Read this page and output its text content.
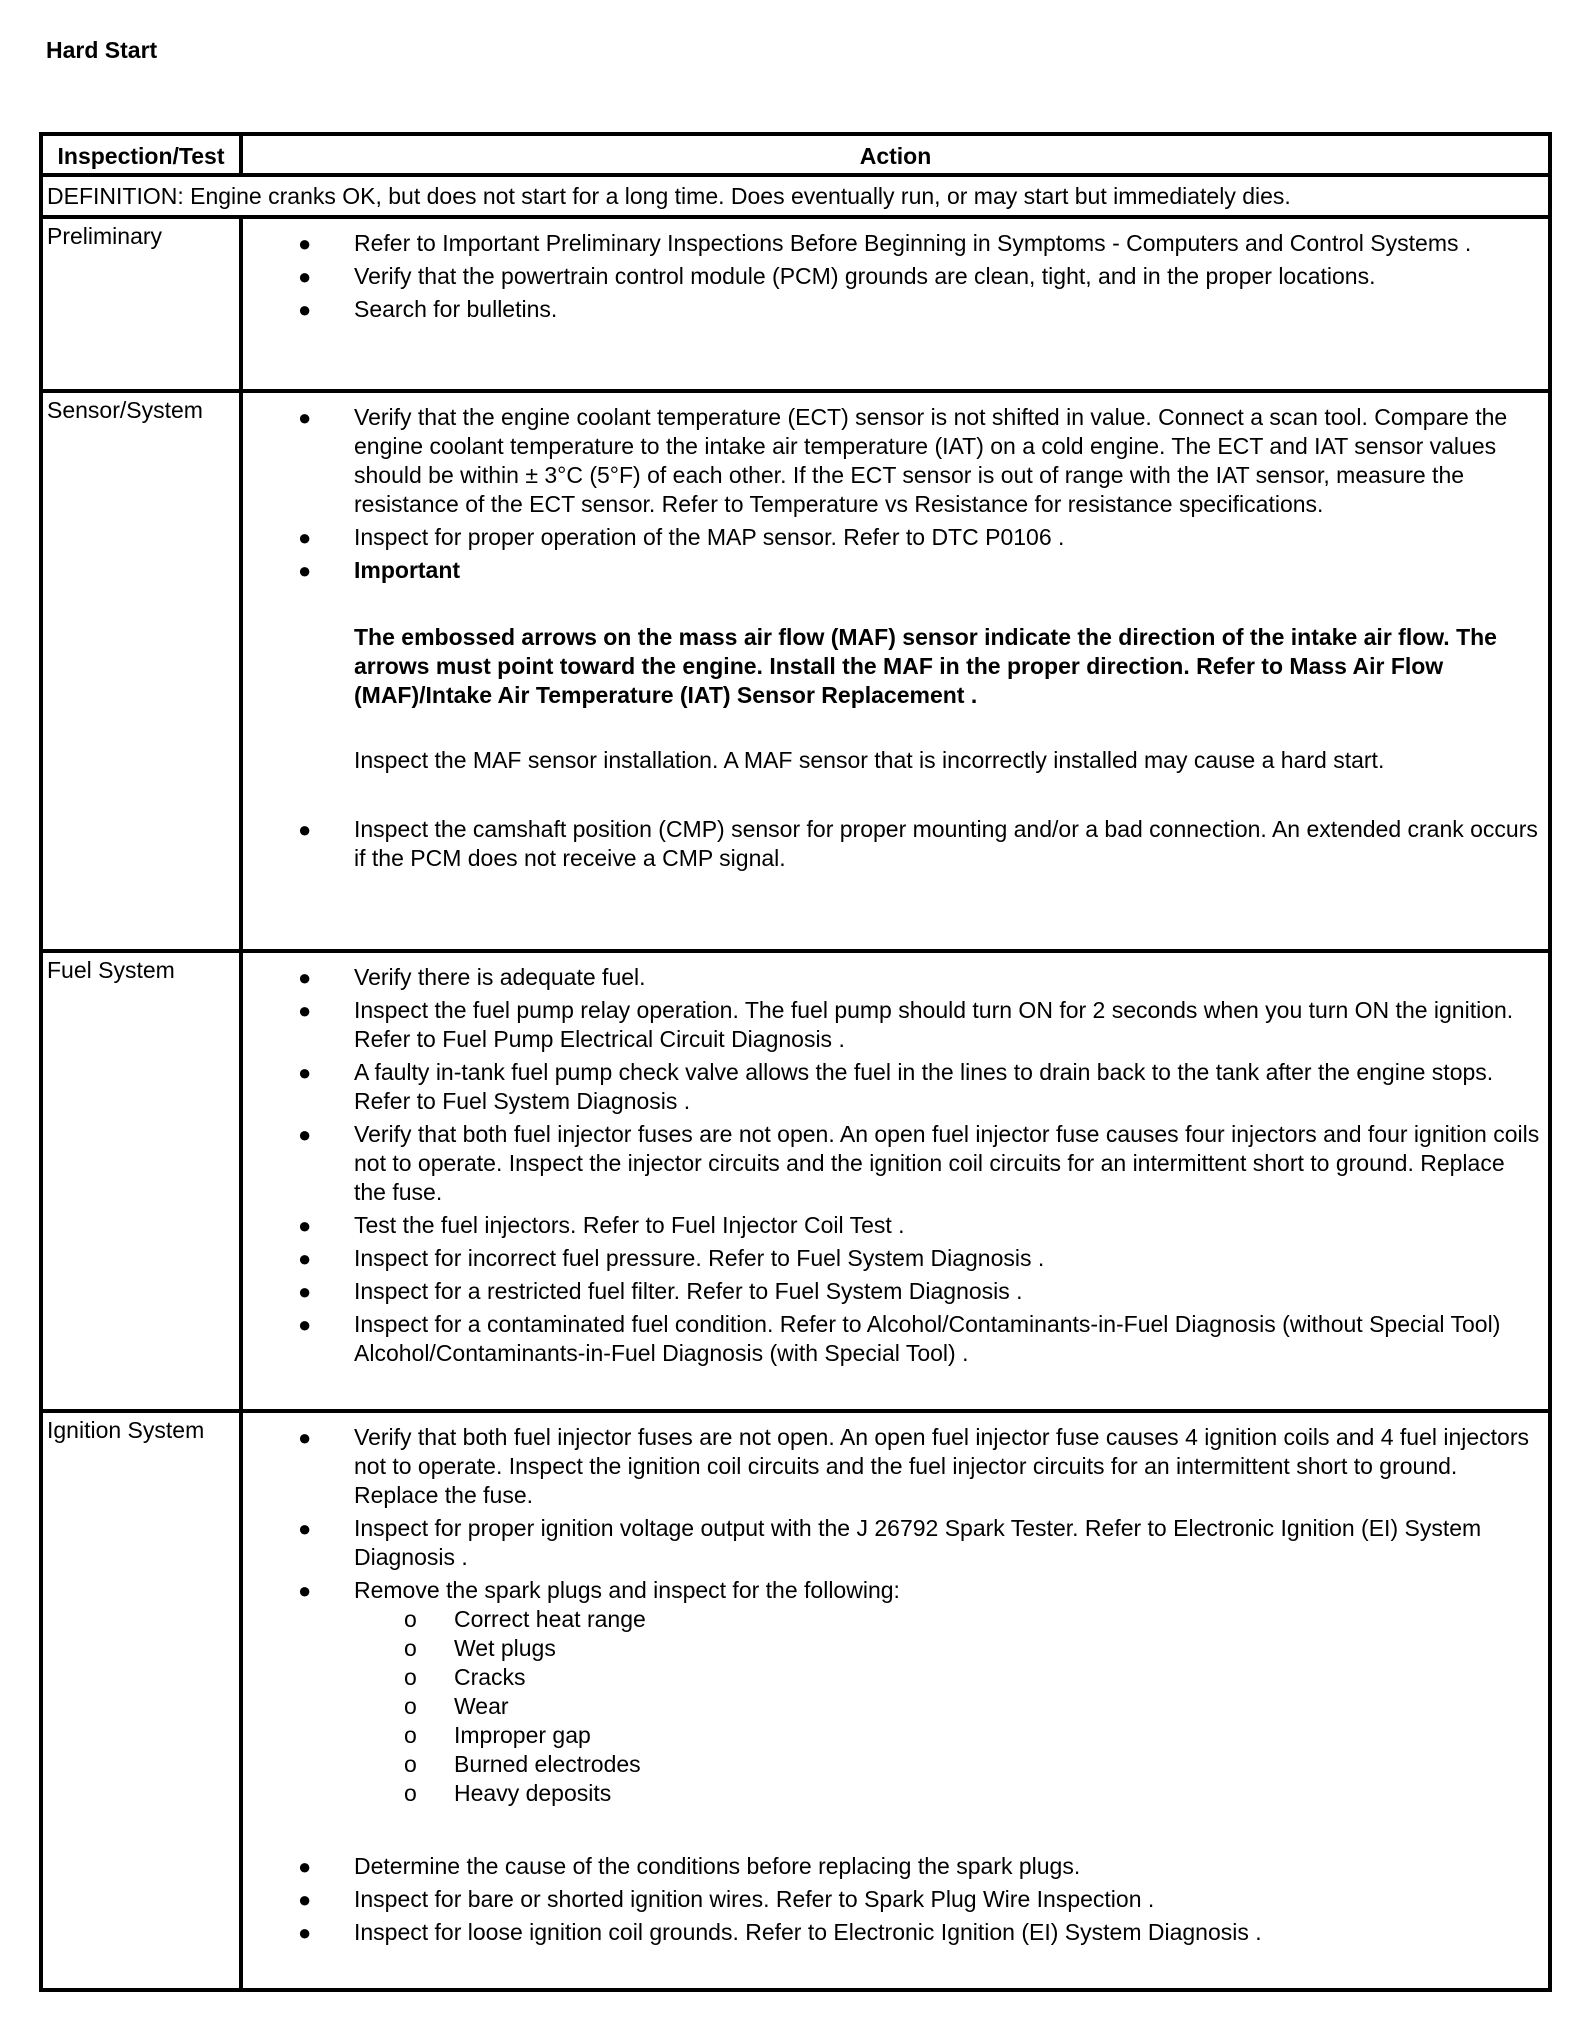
Hard Start
Inspection/Test	Action
DEFINITION: Engine cranks OK, but does not start for a long time. Does eventually run, or may start but immediately dies.
Preliminary	● Refer to Important Preliminary Inspections Before Beginning in Symptoms - Computers and Control Systems .
● Verify that the powertrain control module (PCM) grounds are clean, tight, and in the proper locations.
● Search for bulletins.
Sensor/System	● Verify that the engine coolant temperature (ECT) sensor is not shifted in value. Connect a scan tool. Compare the engine coolant temperature to the intake air temperature (IAT) on a cold engine. The ECT and IAT sensor values should be within ± 3°C (5°F) of each other. If the ECT sensor is out of range with the IAT sensor, measure the resistance of the ECT sensor. Refer to Temperature vs Resistance for resistance specifications.
● Inspect for proper operation of the MAP sensor. Refer to DTC P0106 .
● Important
The embossed arrows on the mass air flow (MAF) sensor indicate the direction of the intake air flow. The arrows must point toward the engine. Install the MAF in the proper direction. Refer to Mass Air Flow (MAF)/Intake Air Temperature (IAT) Sensor Replacement .
Inspect the MAF sensor installation. A MAF sensor that is incorrectly installed may cause a hard start.
● Inspect the camshaft position (CMP) sensor for proper mounting and/or a bad connection. An extended crank occurs if the PCM does not receive a CMP signal.
Fuel System	● Verify there is adequate fuel.
● Inspect the fuel pump relay operation. The fuel pump should turn ON for 2 seconds when you turn ON the ignition. Refer to Fuel Pump Electrical Circuit Diagnosis .
● A faulty in-tank fuel pump check valve allows the fuel in the lines to drain back to the tank after the engine stops. Refer to Fuel System Diagnosis .
● Verify that both fuel injector fuses are not open. An open fuel injector fuse causes four injectors and four ignition coils not to operate. Inspect the injector circuits and the ignition coil circuits for an intermittent short to ground. Replace the fuse.
● Test the fuel injectors. Refer to Fuel Injector Coil Test .
● Inspect for incorrect fuel pressure. Refer to Fuel System Diagnosis .
● Inspect for a restricted fuel filter. Refer to Fuel System Diagnosis .
● Inspect for a contaminated fuel condition. Refer to Alcohol/Contaminants-in-Fuel Diagnosis (without Special Tool) Alcohol/Contaminants-in-Fuel Diagnosis (with Special Tool) .
Ignition System	● Verify that both fuel injector fuses are not open. An open fuel injector fuse causes 4 ignition coils and 4 fuel injectors not to operate. Inspect the ignition coil circuits and the fuel injector circuits for an intermittent short to ground. Replace the fuse.
● Inspect for proper ignition voltage output with the J 26792 Spark Tester. Refer to Electronic Ignition (EI) System Diagnosis .
● Remove the spark plugs and inspect for the following:
o Correct heat range
o Wet plugs
o Cracks
o Wear
o Improper gap
o Burned electrodes
o Heavy deposits
● Determine the cause of the conditions before replacing the spark plugs.
● Inspect for bare or shorted ignition wires. Refer to Spark Plug Wire Inspection .
● Inspect for loose ignition coil grounds. Refer to Electronic Ignition (EI) System Diagnosis .
